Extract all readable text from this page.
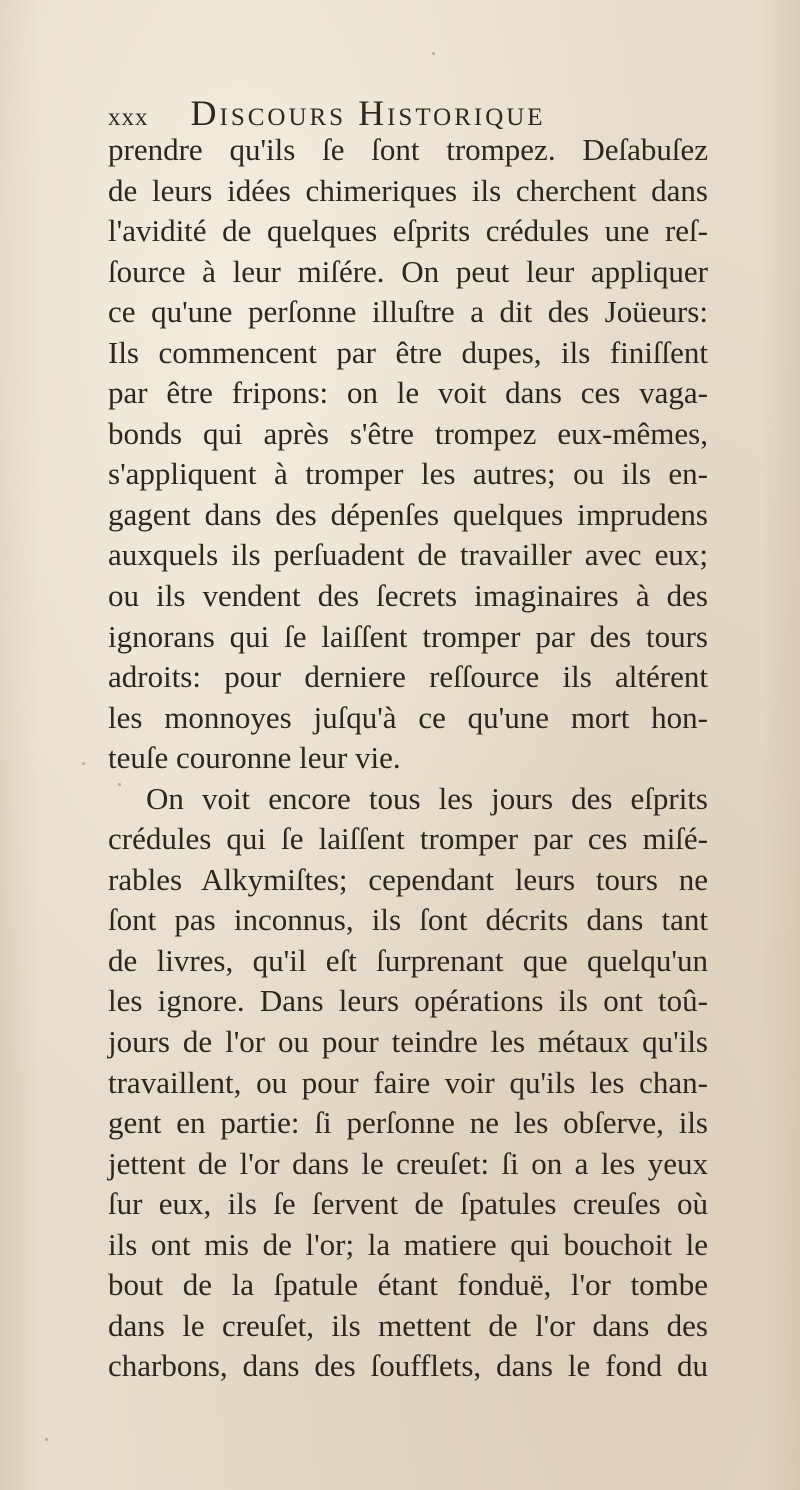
xxx Discours Historique
prendre qu'ils ſe ſont trompez. Deſabuſez
de leurs idées chimeriques ils cherchent dans
l'avidité de quelques eſprits crédules une reſ-
ſource à leur miſére. On peut leur appliquer
ce qu'une perſonne illuſtre a dit des Joüeurs:
Ils commencent par être dupes, ils finiſſent
par être fripons: on le voit dans ces vaga-
bonds qui après s'être trompez eux-mêmes,
s'appliquent à tromper les autres; ou ils en-
gagent dans des dépenſes quelques imprudens
auxquels ils perſuadent de travailler avec eux;
ou ils vendent des ſecrets imaginaires à des
ignorans qui ſe laiſſent tromper par des tours
adroits: pour derniere reſſource ils altérent
les monnoyes juſqu'à ce qu'une mort hon-
teuſe couronne leur vie.
On voit encore tous les jours des eſprits
crédules qui ſe laiſſent tromper par ces miſé-
rables Alkymiſtes; cependant leurs tours ne
ſont pas inconnus, ils ſont décrits dans tant
de livres, qu'il eſt ſurprenant que quelqu'un
les ignore. Dans leurs opérations ils ont toû-
jours de l'or ou pour teindre les métaux qu'ils
travaillent, ou pour faire voir qu'ils les chan-
gent en partie: ſi perſonne ne les obſerve, ils
jettent de l'or dans le creuſet: ſi on a les yeux
ſur eux, ils ſe ſervent de ſpatules creuſes où
ils ont mis de l'or; la matiere qui bouchoit le
bout de la ſpatule étant fonduë, l'or tombe
dans le creuſet, ils mettent de l'or dans des
charbons, dans des ſoufflets, dans le fond du
